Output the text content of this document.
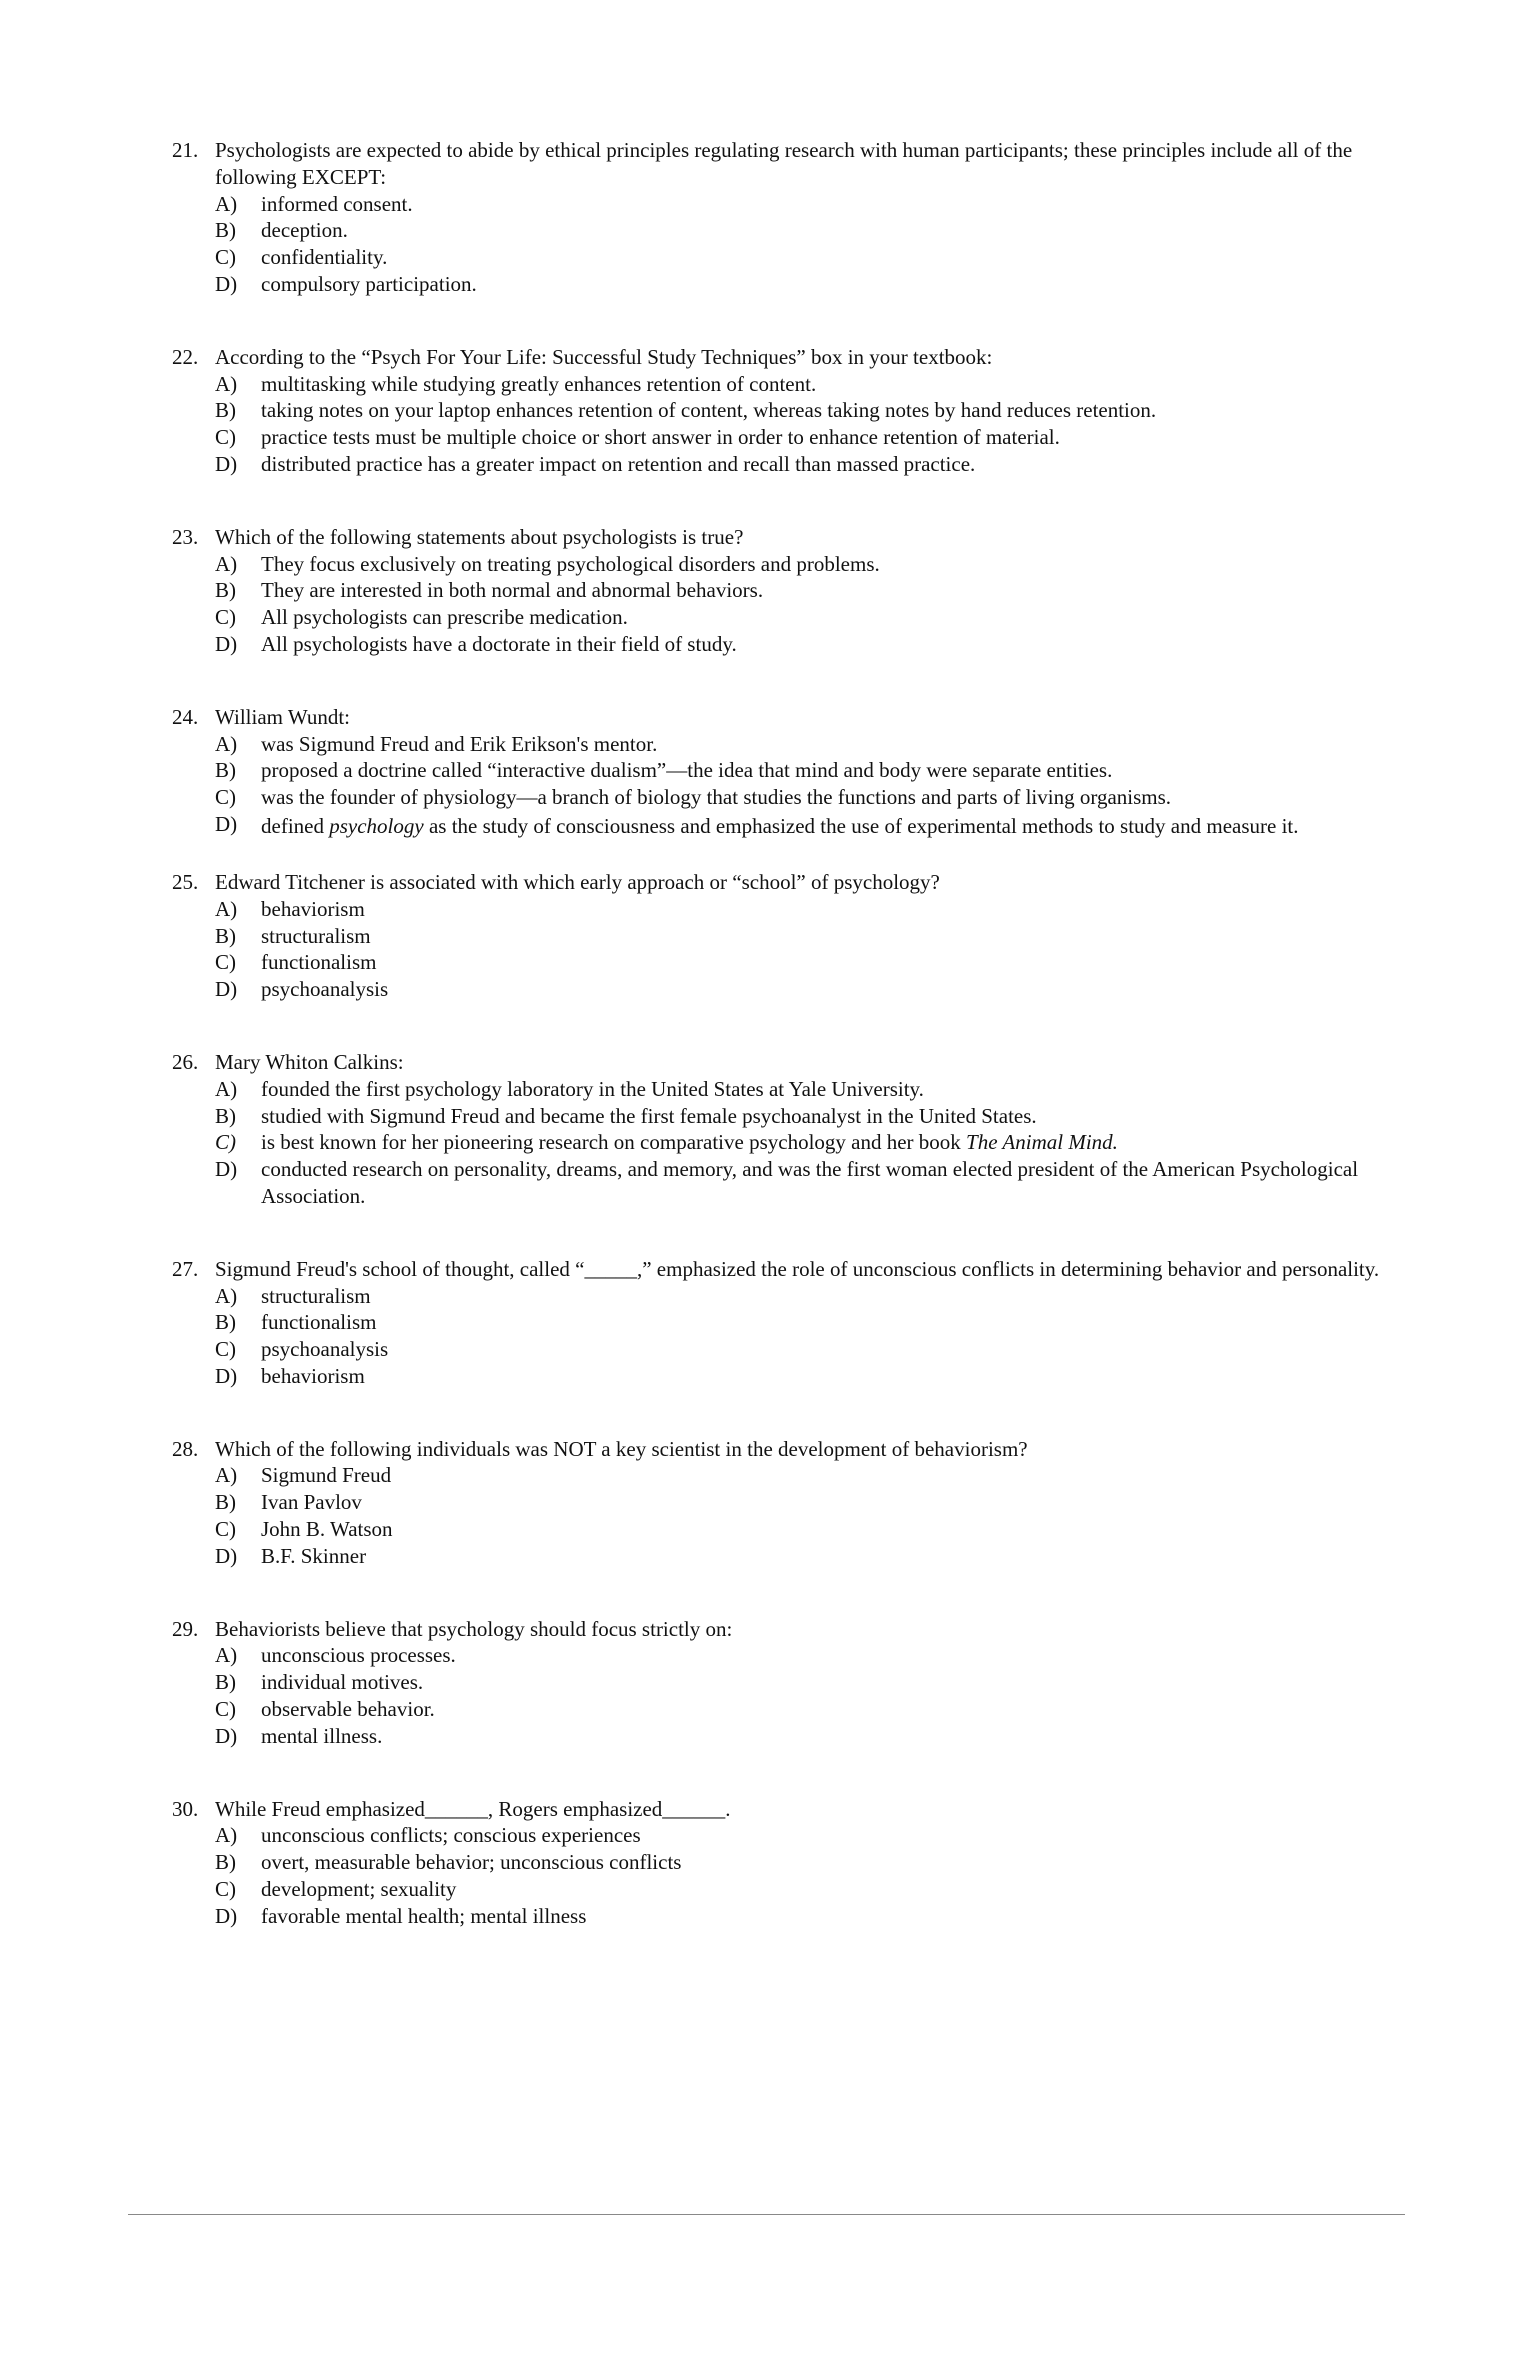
21. Psychologists are expected to abide by ethical principles regulating research with human participants; these principles include all of the following EXCEPT:
A)	informed consent.
B)	deception.
C)	confidentiality.
D)	compulsory participation.
22. According to the “Psych For Your Life: Successful Study Techniques” box in your textbook:
A)	multitasking while studying greatly enhances retention of content.
B)	taking notes on your laptop enhances retention of content, whereas taking notes by hand reduces retention.
C)	practice tests must be multiple choice or short answer in order to enhance retention of material.
D)	distributed practice has a greater impact on retention and recall than massed practice.
23. Which of the following statements about psychologists is true?
A)	They focus exclusively on treating psychological disorders and problems.
B)	They are interested in both normal and abnormal behaviors.
C)	All psychologists can prescribe medication.
D)	All psychologists have a doctorate in their field of study.
24. William Wundt:
A)	was Sigmund Freud and Erik Erikson's mentor.
B)	proposed a doctrine called “interactive dualism”—the idea that mind and body were separate entities.
C)	was the founder of physiology—a branch of biology that studies the functions and parts of living organisms.
D)	defined psychology as the study of consciousness and emphasized the use of experimental methods to study and measure it.
25. Edward Titchener is associated with which early approach or “school” of psychology?
A)	behaviorism
B)	structuralism
C)	functionalism
D)	psychoanalysis
26. Mary Whiton Calkins:
A)	founded the first psychology laboratory in the United States at Yale University.
B)	studied with Sigmund Freud and became the first female psychoanalyst in the United States.
C)	is best known for her pioneering research on comparative psychology and her book The Animal Mind.
D)	conducted research on personality, dreams, and memory, and was the first woman elected president of the American Psychological Association.
27. Sigmund Freud's school of thought, called “_____,” emphasized the role of unconscious conflicts in determining behavior and personality.
A)	structuralism
B)	functionalism
C)	psychoanalysis
D)	behaviorism
28. Which of the following individuals was NOT a key scientist in the development of behaviorism?
A)	Sigmund Freud
B)	Ivan Pavlov
C)	John B. Watson
D)	B.F. Skinner
29. Behaviorists believe that psychology should focus strictly on:
A)	unconscious processes.
B)	individual motives.
C)	observable behavior.
D)	mental illness.
30. While Freud emphasized______, Rogers emphasized______.
A)	unconscious conflicts; conscious experiences
B)	overt, measurable behavior; unconscious conflicts
C)	development; sexuality
D)	favorable mental health; mental illness
